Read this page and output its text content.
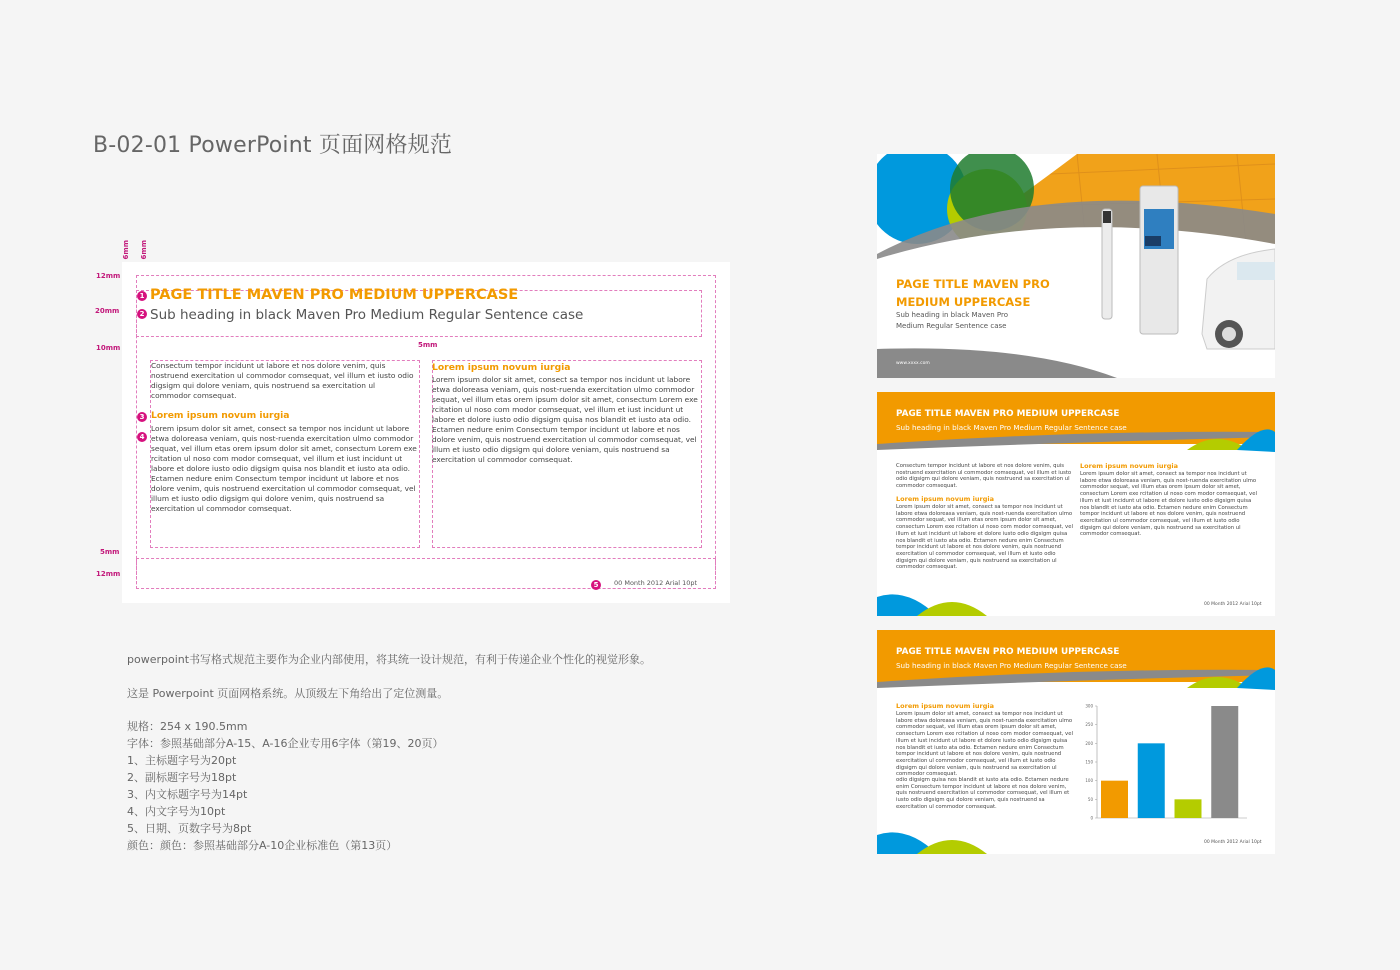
B-02-01 PowerPoint 页面网格规范
6mm 6mm
12mm
20mm
10mm
5mm
12mm
5mm
1
2
3
4
5
PAGE TITLE MAVEN PRO MEDIUM UPPERCASE
Sub heading in black Maven Pro Medium Regular Sentence case
Consectum tempor incidunt ut labore et nos dolore venim, quis nostruend exercitation ul commodor comsequat, vel illum et iusto odio digsigm qui dolore veniam, quis nostruend sa exercitation ul commodor comsequat.
Lorem ipsum novum iurgia
Lorem ipsum dolor sit amet, consect sa tempor nos incidunt ut labore etwa doloreasa veniam, quis nost-ruenda exercitation ulmo commodor sequat, vel illum etas orem ipsum dolor sit amet, consectum Lorem exe rcitation ul noso com modor comsequat, vel illum et iust incidunt ut labore et dolore iusto odio digsigm quisa nos blandit et iusto ata odio. Ectamen nedure enim Consectum tempor incidunt ut labore et nos dolore venim, quis nostruend exercitation ul commodor comsequat, vel illum et iusto odio digsigm qui dolore venim, quis nostruend sa exercitation ul commodor comsequat.
Lorem ipsum novum iurgia
Lorem ipsum dolor sit amet, consect sa tempor nos incidunt ut labore etwa doloreasa veniam, quis nost-ruenda exercitation ulmo commodor sequat, vel illum etas orem ipsum dolor sit amet, consectum Lorem exe rcitation ul noso com modor comsequat, vel illum et iust incidunt ut labore et dolore iusto odio digsigm quisa nos blandit et iusto ata odio. Ectamen nedure enim Consectum tempor incidunt ut labore et nos dolore venim, quis nostruend exercitation ul commodor comsequat, vel illum et iusto odio digsigm qui dolore veniam, quis nostruend sa exercitation ul commodor comsequat.
00 Month 2012 Arial 10pt
powerpoint书写格式规范主要作为企业内部使用，将其统一设计规范，有利于传递企业个性化的视觉形象。
这是 Powerpoint 页面网格系统。从顶级左下角给出了定位测量。
规格：254 x 190.5mm
字体：参照基础部分A-15、A-16企业专用6字体（第19、20页）
1、主标题字号为20pt
2、副标题字号为18pt
3、内文标题字号为14pt
4、内文字号为10pt
5、日期、页数字号为8pt
颜色：颜色：参照基础部分A-10企业标准色（第13页）
PAGE TITLE MAVEN PRO
MEDIUM UPPERCASE
Sub heading in black Maven Pro
Medium Regular Sentence case
www.xxxx.com
PAGE TITLE MAVEN PRO MEDIUM UPPERCASE
Sub heading in black Maven Pro Medium Regular Sentence case
Consectum tempor incidunt ut labore et nos dolore venim, quis nostruend exercitation ul commodor comsequat, vel illum et iusto odio digsigm qui dolore veniam, quis nostruend sa exercitation ul commodor comsequat.
Lorem ipsum novum iurgia
Lorem ipsum dolor sit amet, consect sa tempor nos incidunt ut labore etwa doloreasa veniam, quis nost-ruenda exercitation ulmo commodor sequat, vel illum etas orem ipsum dolor sit amet, consectum Lorem exe rcitation ul noso com modor comsequat, vel illum et iust incidunt ut labore et dolore iusto odio digsigm quisa nos blandit et iusto ata odio. Ectamen nedure enim Consectum tempor incidunt ut labore et nos dolore venim, quis nostruend exercitation ul commodor comsequat, vel illum et iusto odio digsigm qui dolore veniam, quis nostruend sa exercitation ul commodor comsequat.
Lorem ipsum novum iurgia
Lorem ipsum dolor sit amet, consect sa tempor nos incidunt ut labore etwa doloreasa veniam, quis nost-ruenda exercitation ulmo commodor sequat, vel illum etas orem ipsum dolor sit amet, consectum Lorem exe rcitation ul noso com modor comsequat, vel illum et iust incidunt ut labore et dolore iusto odio digsigm quisa nos blandit et iusto ata odio. Ectamen nedure enim Consectum tempor incidunt ut labore et nos dolore venim, quis nostruend exercitation ul commodor comsequat, vel illum et iusto odio digsigm qui dolore veniam, quis nostruend sa exercitation ul commodor comsequat.
00 Month 2012 Arial 10pt
PAGE TITLE MAVEN PRO MEDIUM UPPERCASE
Sub heading in black Maven Pro Medium Regular Sentence case
Lorem ipsum novum iurgia
Lorem ipsum dolor sit amet, consect sa tempor nos incidunt ut labore etwa doloreasa veniam, quis nost-ruenda exercitation ulmo commodor sequat, vel illum etas orem ipsum dolor sit amet, consectum Lorem exe rcitation ul noso com modor comsequat, vel illum et iust incidunt ut labore et dolore iusto odio digsigm quisa nos blandit et iusto ata odio. Ectamen nedure enim Consectum tempor incidunt ut labore et nos dolore venim, quis nostruend exercitation ul commodor comsequat, vel illum et iusto odio digsigm qui dolore veniam, quis nostruend sa exercitation ul commodor comsequat.
odio digsigm quisa nos blandit et iusto ata odio. Ectamen nedure enim Consectum tempor incidunt ut labore et nos dolore venim, quis nostruend exercitation ul commodor comsequat, vel illum et iusto odio digsigm qui dolore veniam, quis nostruend sa exercitation ul commodor comsequat.
0
50
100
150
200
250
300
00 Month 2012 Arial 10pt
